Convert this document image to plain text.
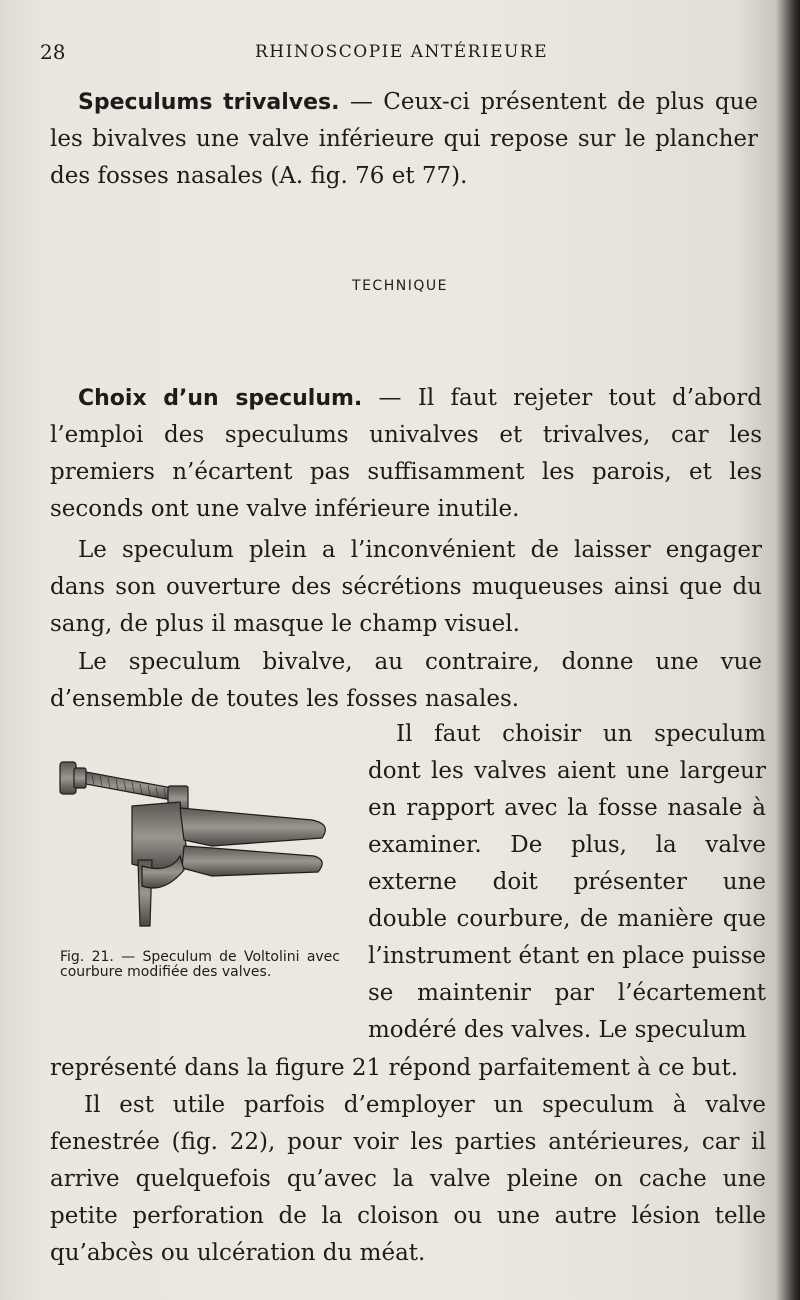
28	RHINOSCOPIE ANTÉRIEURE

Speculums trivalves. — Ceux-ci présentent de plus que les bivalves une valve inférieure qui repose sur le plancher des fosses nasales (A. fig. 76 et 77).

TECHNIQUE

Choix d’un speculum. — Il faut rejeter tout d’abord l’emploi des speculums univalves et trivalves, car les premiers n’écartent pas suffisamment les parois, et les seconds ont une valve inférieure inutile.

Le speculum plein a l’inconvénient de laisser engager dans son ouverture des sécrétions muqueuses ainsi que du sang, de plus il masque le champ visuel.

Le speculum bivalve, au contraire, donne une vue d’ensemble de toutes les fosses nasales.

Il faut choisir un speculum dont les valves aient une largeur en rapport avec la fosse nasale à examiner. De plus, la valve externe doit présenter une double courbure, de manière que l’instrument étant en place puisse se maintenir par l’écartement modéré des valves. Le speculum

représenté dans la figure 21 répond parfaitement à ce but.

Il est utile parfois d’employer un speculum à valve fenestrée (fig. 22), pour voir les parties antérieures, car il arrive quelquefois qu’avec la valve pleine on cache une petite perforation de la cloison ou une autre lésion telle qu’abcès ou ulcération du méat.

Fig. 21. — Speculum de Voltolini avec courbure modifiée des valves.
